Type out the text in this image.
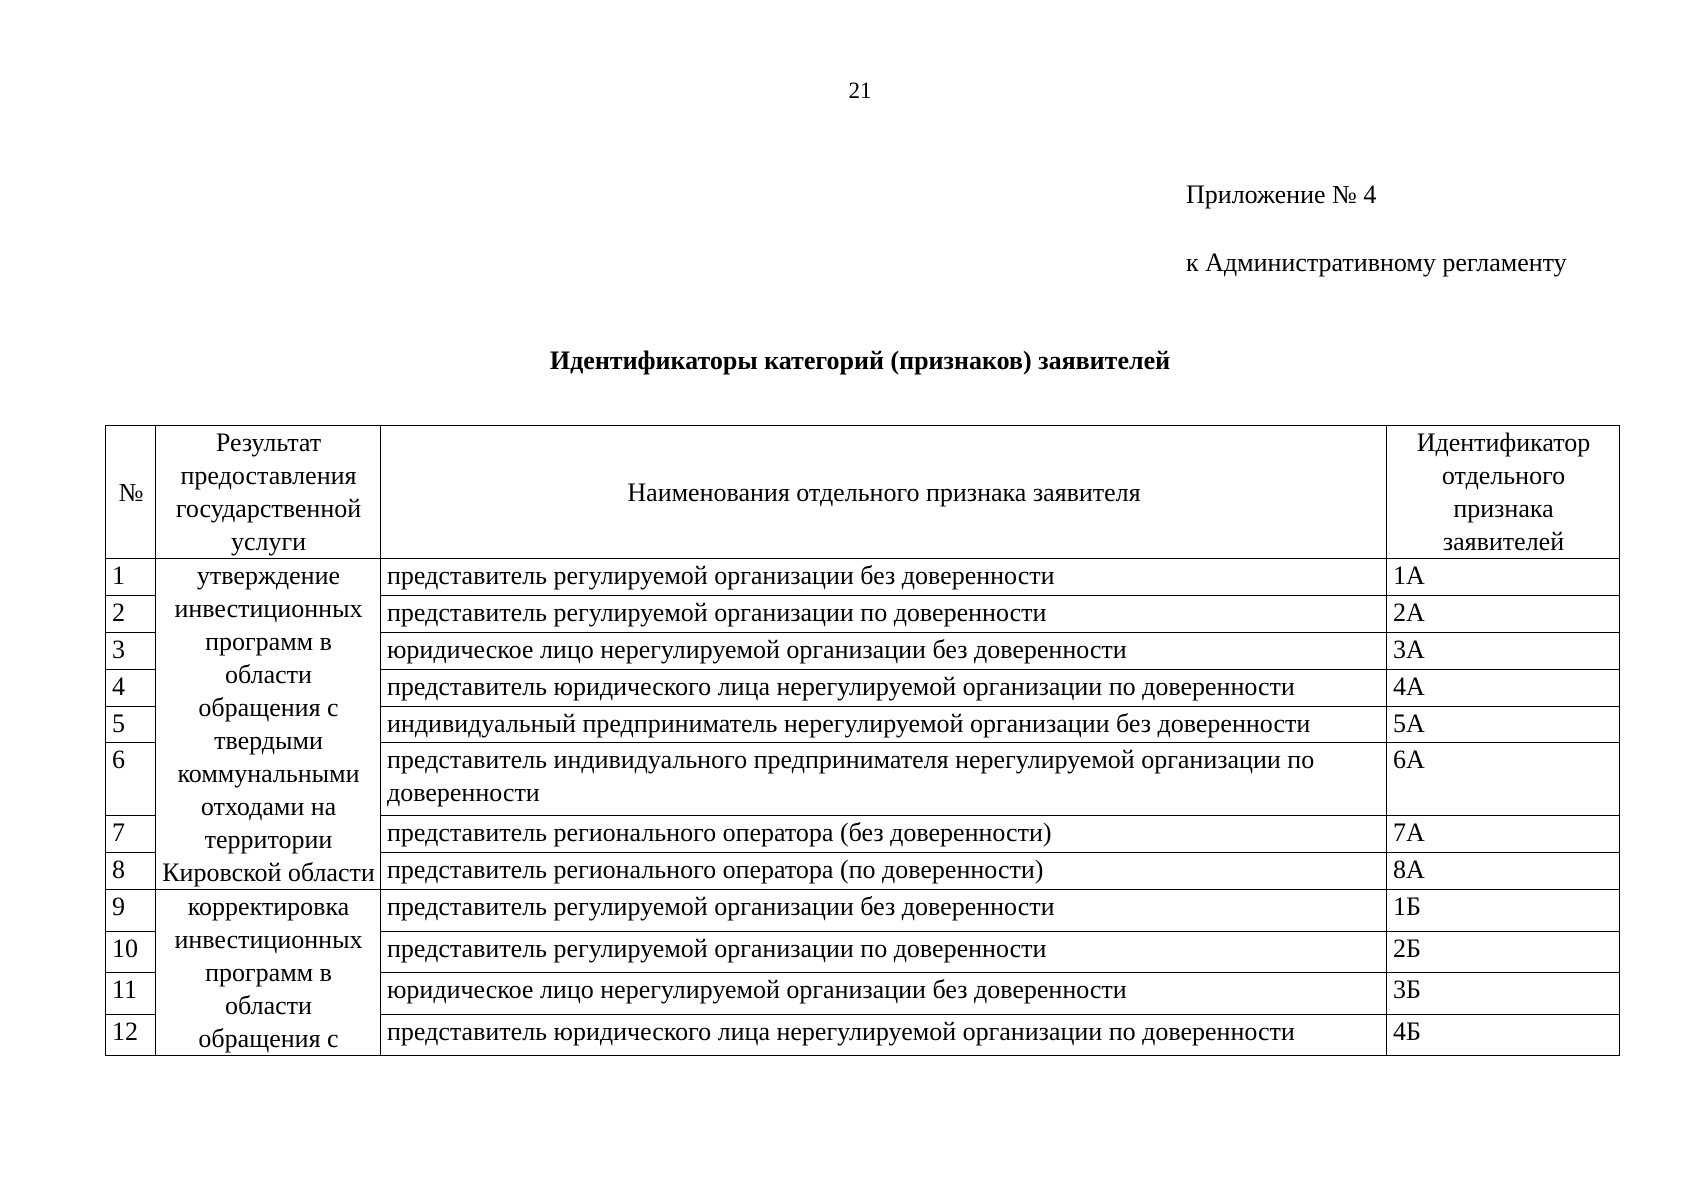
21
Приложение № 4
к Административному регламенту
Идентификаторы категорий (признаков) заявителей
№	Результат предоставления государственной услуги	Наименования отдельного признака заявителя	Идентификатор отдельного признака заявителей
1	утверждение инвестиционных программ в области обращения с твердыми коммунальными отходами на территории Кировской области	представитель регулируемой организации без доверенности	1А
2		представитель регулируемой организации по доверенности	2А
3		юридическое лицо нерегулируемой организации без доверенности	3А
4		представитель юридического лица нерегулируемой организации по доверенности	4А
5		индивидуальный предприниматель нерегулируемой организации без доверенности	5А
6		представитель индивидуального предпринимателя нерегулируемой организации по доверенности	6А
7		представитель регионального оператора (без доверенности)	7А
8		представитель регионального оператора (по доверенности)	8А
9	корректировка инвестиционных программ в области обращения с	представитель регулируемой организации без доверенности	1Б
10		представитель регулируемой организации по доверенности	2Б
11		юридическое лицо нерегулируемой организации без доверенности	3Б
12		представитель юридического лица нерегулируемой организации по доверенности	4Б
